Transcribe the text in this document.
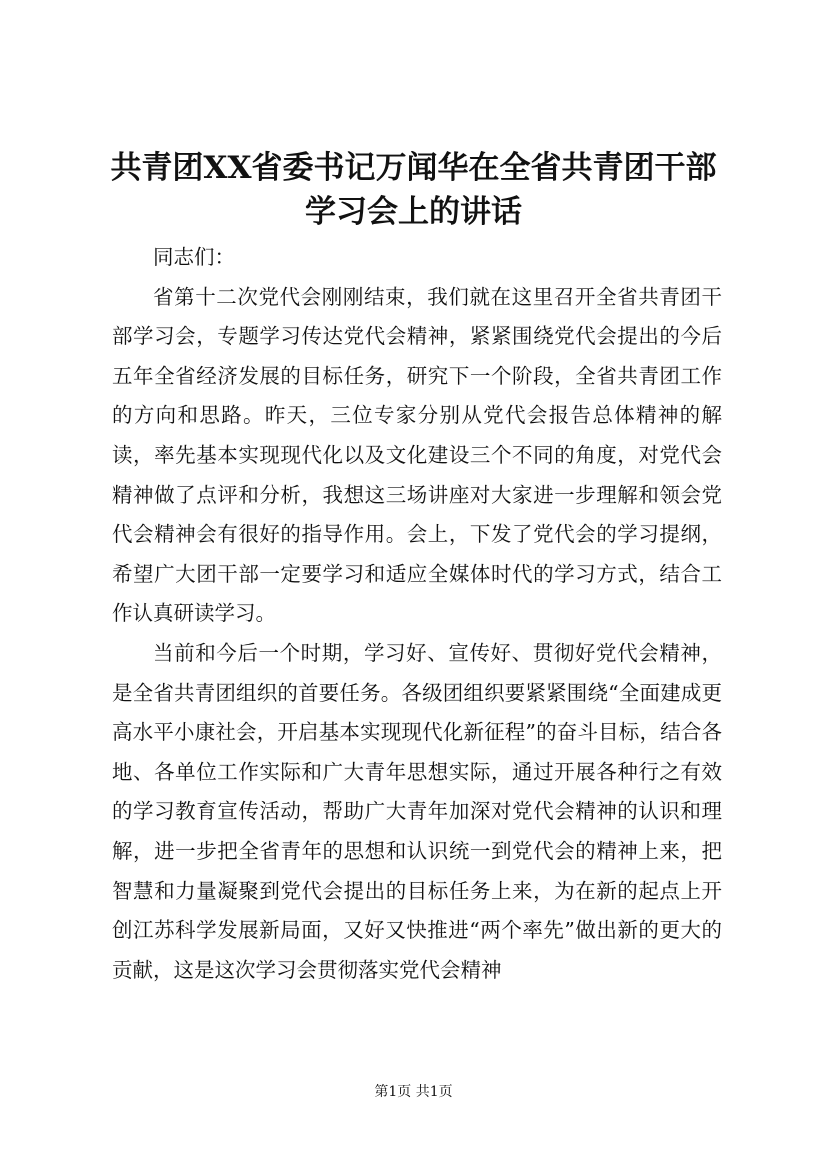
共青团XX省委书记万闻华在全省共青团干部
学习会上的讲话

同志们：

省第十二次党代会刚刚结束，我们就在这里召开全省共青团干部学习会，专题学习传达党代会精神，紧紧围绕党代会提出的今后五年全省经济发展的目标任务，研究下一个阶段，全省共青团工作的方向和思路。昨天，三位专家分别从党代会报告总体精神的解读，率先基本实现现代化以及文化建设三个不同的角度，对党代会精神做了点评和分析，我想这三场讲座对大家进一步理解和领会党代会精神会有很好的指导作用。会上，下发了党代会的学习提纲，希望广大团干部一定要学习和适应全媒体时代的学习方式，结合工作认真研读学习。

当前和今后一个时期，学习好、宣传好、贯彻好党代会精神，是全省共青团组织的首要任务。各级团组织要紧紧围绕“全面建成更高水平小康社会，开启基本实现现代化新征程”的奋斗目标，结合各地、各单位工作实际和广大青年思想实际，通过开展各种行之有效的学习教育宣传活动，帮助广大青年加深对党代会精神的认识和理解，进一步把全省青年的思想和认识统一到党代会的精神上来，把智慧和力量凝聚到党代会提出的目标任务上来，为在新的起点上开创江苏科学发展新局面，又好又快推进“两个率先”做出新的更大的贡献，这是这次学习会贯彻落实党代会精神

第1页 共1页
